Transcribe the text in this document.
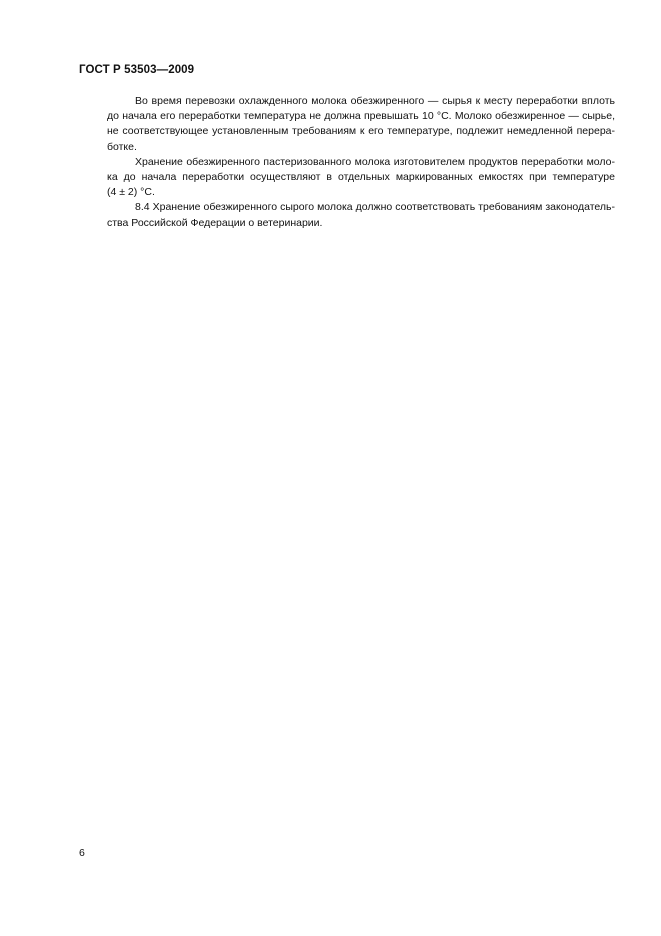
ГОСТ Р 53503—2009
Во время перевозки охлажденного молока обезжиренного — сырья к месту переработки вплоть
до начала его переработки температура не должна превышать 10 °С. Молоко обезжиренное — сырье,
не соответствующее установленным требованиям к его температуре, подлежит немедленной перера-
ботке.
Хранение обезжиренного пастеризованного молока изготовителем продуктов переработки моло-
ка до начала переработки осуществляют в отдельных маркированных емкостях при температуре
(4 ± 2) °С.
8.4 Хранение обезжиренного сырого молока должно соответствовать требованиям законодатель-
ства Российской Федерации о ветеринарии.
6
